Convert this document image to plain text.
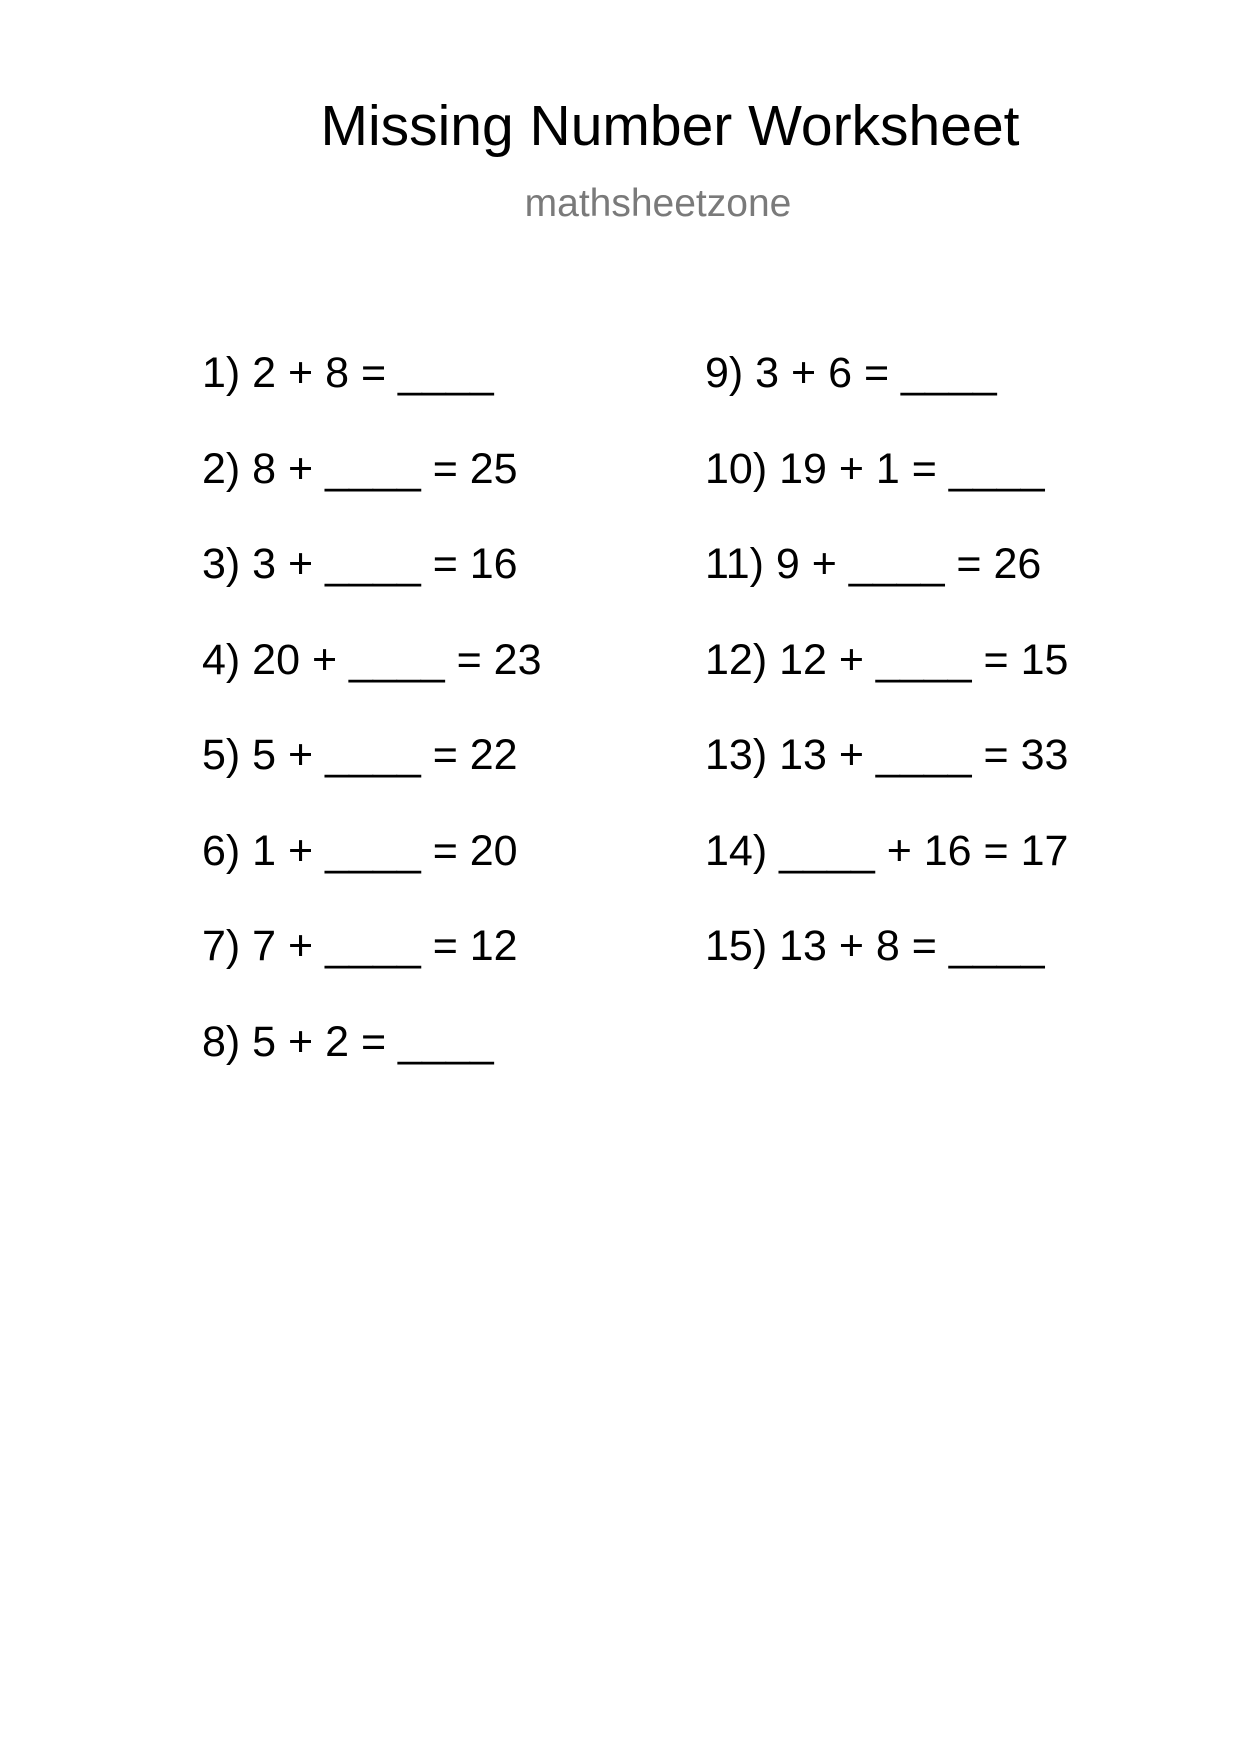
Missing Number Worksheet
mathsheetzone
1) 2 + 8 = ____
2) 8 + ____ = 25
3) 3 + ____ = 16
4) 20 + ____ = 23
5) 5 + ____ = 22
6) 1 + ____ = 20
7) 7 + ____ = 12
8) 5 + 2 = ____
9) 3 + 6 = ____
10) 19 + 1 = ____
11) 9 + ____ = 26
12) 12 + ____ = 15
13) 13 + ____ = 33
14) ____ + 16 = 17
15) 13 + 8 = ____
